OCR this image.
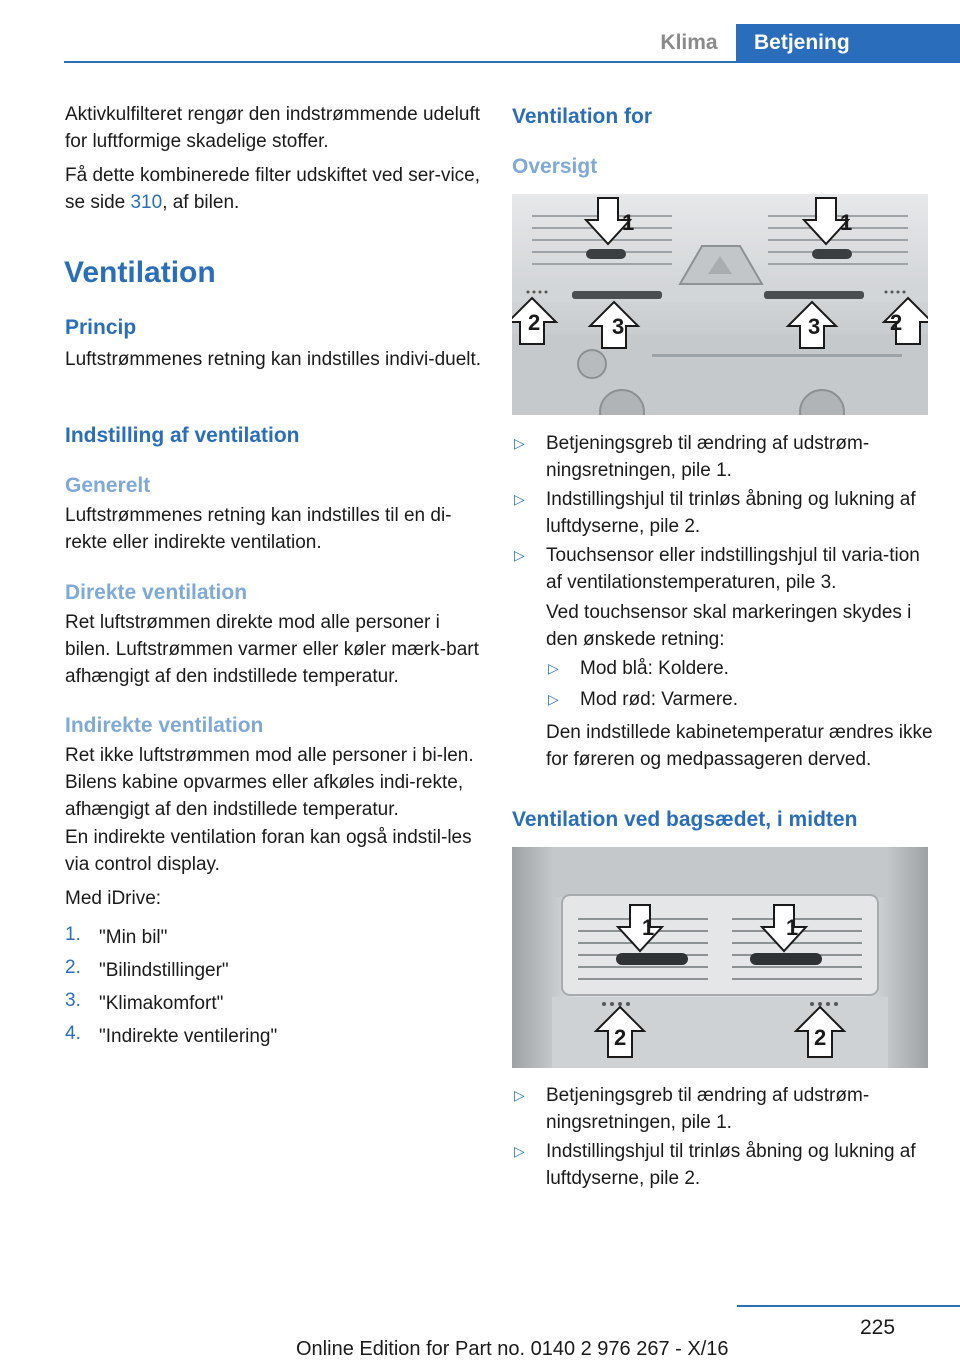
Klima	Betjening
Aktivkulfilteret rengør den indstrømmende udeluft for luftformige skadelige stoffer.
Få dette kombinerede filter udskiftet ved ser-vice, se side 310, af bilen.
Ventilation
Princip
Luftstrømmenes retning kan indstilles indivi-duelt.
Indstilling af ventilation
Generelt
Luftstrømmenes retning kan indstilles til en di-rekte eller indirekte ventilation.
Direkte ventilation
Ret luftstrømmen direkte mod alle personer i bilen. Luftstrømmen varmer eller køler mærk-bart afhængigt af den indstillede temperatur.
Indirekte ventilation
Ret ikke luftstrømmen mod alle personer i bi-len. Bilens kabine opvarmes eller afkøles indi-rekte, afhængigt af den indstillede temperatur.
En indirekte ventilation foran kan også indstil-les via control display.
Med iDrive:
1. "Min bil"
2. "Bilindstillinger"
3. "Klimakomfort"
4. "Indirekte ventilering"
Ventilation for
Oversigt
1	1
2	2
3	3
▷ Betjeningsgreb til ændring af udstrøm-ningsretningen, pile 1.
▷ Indstillingshjul til trinløs åbning og lukning af luftdyserne, pile 2.
▷ Touchsensor eller indstillingshjul til varia-tion af ventilationstemperaturen, pile 3.
Ved touchsensor skal markeringen skydes i den ønskede retning:
▷ Mod blå: Koldere.
▷ Mod rød: Varmere.
Den indstillede kabinetemperatur ændres ikke for føreren og medpassageren derved.
Ventilation ved bagsædet, i midten
1	1
2	2
▷ Betjeningsgreb til ændring af udstrøm-ningsretningen, pile 1.
▷ Indstillingshjul til trinløs åbning og lukning af luftdyserne, pile 2.
225
Online Edition for Part no. 0140 2 976 267 - X/16
